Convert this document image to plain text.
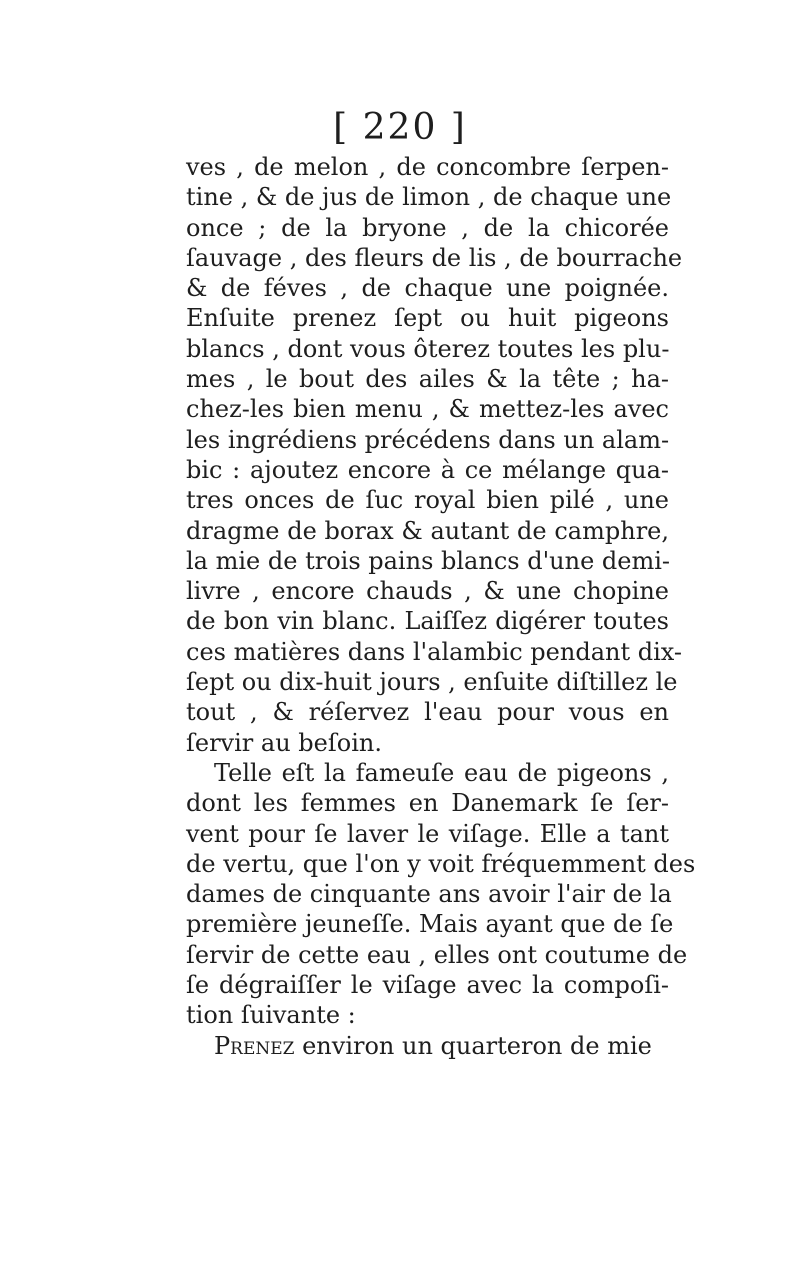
[ 220 ]
ves , de melon , de concombre ſerpen-
tine , & de jus de limon , de chaque une
once ; de la bryone , de la chicorée
ſauvage , des fleurs de lis , de bourrache
& de féves , de chaque une poignée.
Enſuite prenez ſept ou huit pigeons
blancs , dont vous ôterez toutes les plu-
mes , le bout des ailes & la tête ; ha-
chez-les bien menu , & mettez-les avec
les ingrédiens précédens dans un alam-
bic : ajoutez encore à ce mélange qua-
tres onces de ſuc royal bien pilé , une
dragme de borax & autant de camphre,
la mie de trois pains blancs d'une demi-
livre , encore chauds , & une chopine
de bon vin blanc. Laiſſez digérer toutes
ces matières dans l'alambic pendant dix-
ſept ou dix-huit jours , enſuite diſtillez le
tout , & réſervez l'eau pour vous en
ſervir au beſoin.
Telle eſt la fameuſe eau de pigeons ,
dont les femmes en Danemark ſe ſer-
vent pour ſe laver le viſage. Elle a tant
de vertu, que l'on y voit fréquemment des
dames de cinquante ans avoir l'air de la
première jeuneſſe. Mais ayant que de ſe
ſervir de cette eau , elles ont coutume de
ſe dégraiſſer le viſage avec la compoſi-
tion ſuivante :
Prenez environ un quarteron de mie
